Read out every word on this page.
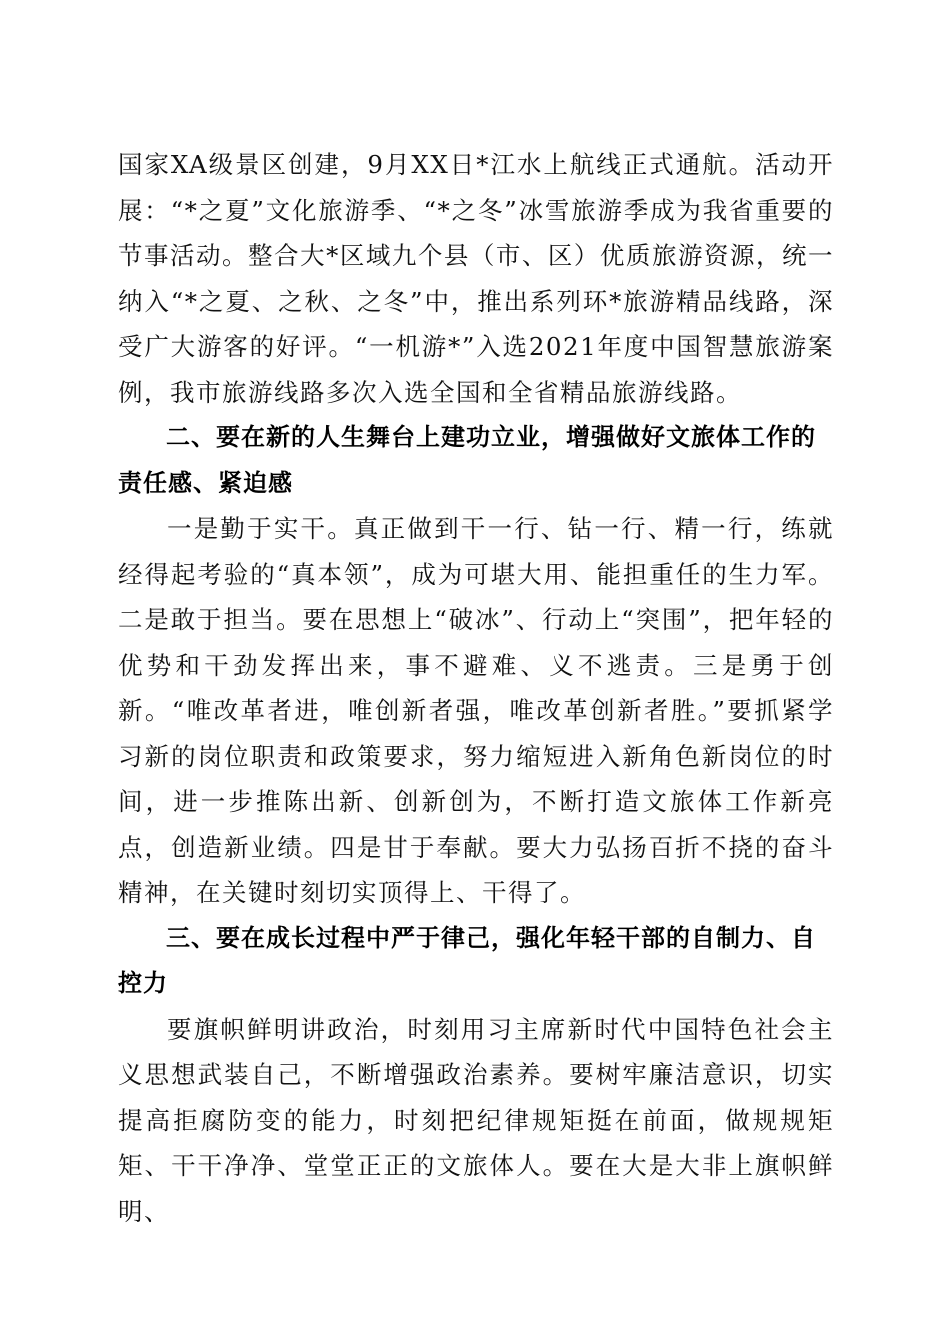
国家XA级景区创建，9月XX日*江水上航线正式通航。活动开展：“*之夏”文化旅游季、“*之冬”冰雪旅游季成为我省重要的节事活动。整合大*区域九个县（市、区）优质旅游资源，统一纳入“*之夏、之秋、之冬”中，推出系列环*旅游精品线路，深受广大游客的好评。“一机游*”入选2021年度中国智慧旅游案例，我市旅游线路多次入选全国和全省精品旅游线路。

二、要在新的人生舞台上建功立业，增强做好文旅体工作的责任感、紧迫感

一是勤于实干。真正做到干一行、钻一行、精一行，练就经得起考验的“真本领”，成为可堪大用、能担重任的生力军。二是敢于担当。要在思想上“破冰”、行动上“突围”，把年轻的优势和干劲发挥出来，事不避难、义不逃责。三是勇于创新。“唯改革者进，唯创新者强，唯改革创新者胜。”要抓紧学习新的岗位职责和政策要求，努力缩短进入新角色新岗位的时间，进一步推陈出新、创新创为，不断打造文旅体工作新亮点，创造新业绩。四是甘于奉献。要大力弘扬百折不挠的奋斗精神，在关键时刻切实顶得上、干得了。

三、要在成长过程中严于律己，强化年轻干部的自制力、自控力

要旗帜鲜明讲政治，时刻用习主席新时代中国特色社会主义思想武装自己，不断增强政治素养。要树牢廉洁意识，切实提高拒腐防变的能力，时刻把纪律规矩挺在前面，做规规矩矩、干干净净、堂堂正正的文旅体人。要在大是大非上旗帜鲜明、
